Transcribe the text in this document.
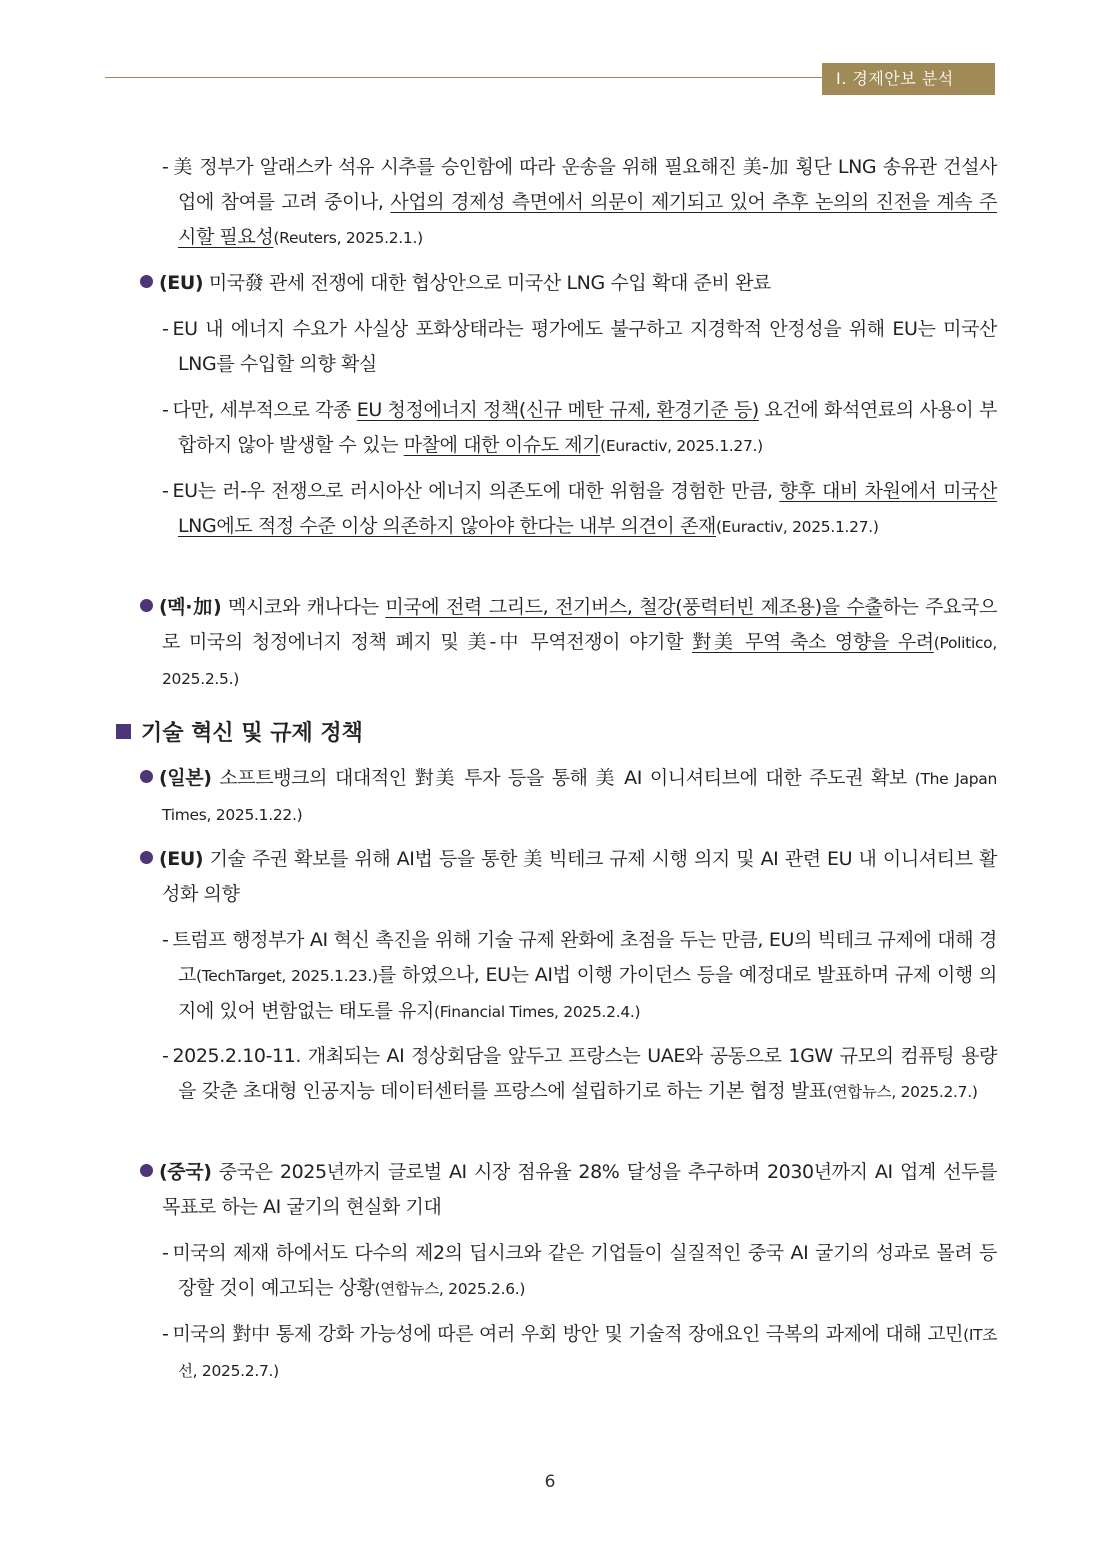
Ⅰ. 경제안보 분석

- 美 정부가 알래스카 석유 시추를 승인함에 따라 운송을 위해 필요해진 美-加 횡단 LNG 송유관 건설사업에 참여를 고려 중이나, 사업의 경제성 측면에서 의문이 제기되고 있어 추후 논의의 진전을 계속 주시할 필요성(Reuters, 2025.2.1.)

(EU) 미국發 관세 전쟁에 대한 협상안으로 미국산 LNG 수입 확대 준비 완료

- EU 내 에너지 수요가 사실상 포화상태라는 평가에도 불구하고 지경학적 안정성을 위해 EU는 미국산 LNG를 수입할 의향 확실

- 다만, 세부적으로 각종 EU 청정에너지 정책(신규 메탄 규제, 환경기준 등) 요건에 화석연료의 사용이 부합하지 않아 발생할 수 있는 마찰에 대한 이슈도 제기(Euractiv, 2025.1.27.)

- EU는 러-우 전쟁으로 러시아산 에너지 의존도에 대한 위험을 경험한 만큼, 향후 대비 차원에서 미국산 LNG에도 적정 수준 이상 의존하지 않아야 한다는 내부 의견이 존재(Euractiv, 2025.1.27.)

(멕·加) 멕시코와 캐나다는 미국에 전력 그리드, 전기버스, 철강(풍력터빈 제조용)을 수출하는 주요국으로 미국의 청정에너지 정책 폐지 및 美-中 무역전쟁이 야기할 對美 무역 축소 영향을 우려(Politico, 2025.2.5.)

기술 혁신 및 규제 정책

(일본) 소프트뱅크의 대대적인 對美 투자 등을 통해 美 AI 이니셔티브에 대한 주도권 확보 (The Japan Times, 2025.1.22.)

(EU) 기술 주권 확보를 위해 AI법 등을 통한 美 빅테크 규제 시행 의지 및 AI 관련 EU 내 이니셔티브 활성화 의향

- 트럼프 행정부가 AI 혁신 촉진을 위해 기술 규제 완화에 초점을 두는 만큼, EU의 빅테크 규제에 대해 경고(TechTarget, 2025.1.23.)를 하였으나, EU는 AI법 이행 가이던스 등을 예정대로 발표하며 규제 이행 의지에 있어 변함없는 태도를 유지(Financial Times, 2025.2.4.)

- 2025.2.10-11. 개최되는 AI 정상회담을 앞두고 프랑스는 UAE와 공동으로 1GW 규모의 컴퓨팅 용량을 갖춘 초대형 인공지능 데이터센터를 프랑스에 설립하기로 하는 기본 협정 발표(연합뉴스, 2025.2.7.)

(중국) 중국은 2025년까지 글로벌 AI 시장 점유율 28% 달성을 추구하며 2030년까지 AI 업계 선두를 목표로 하는 AI 굴기의 현실화 기대

- 미국의 제재 하에서도 다수의 제2의 딥시크와 같은 기업들이 실질적인 중국 AI 굴기의 성과로 몰려 등장할 것이 예고되는 상황(연합뉴스, 2025.2.6.)

- 미국의 對中 통제 강화 가능성에 따른 여러 우회 방안 및 기술적 장애요인 극복의 과제에 대해 고민(IT조선, 2025.2.7.)

6
